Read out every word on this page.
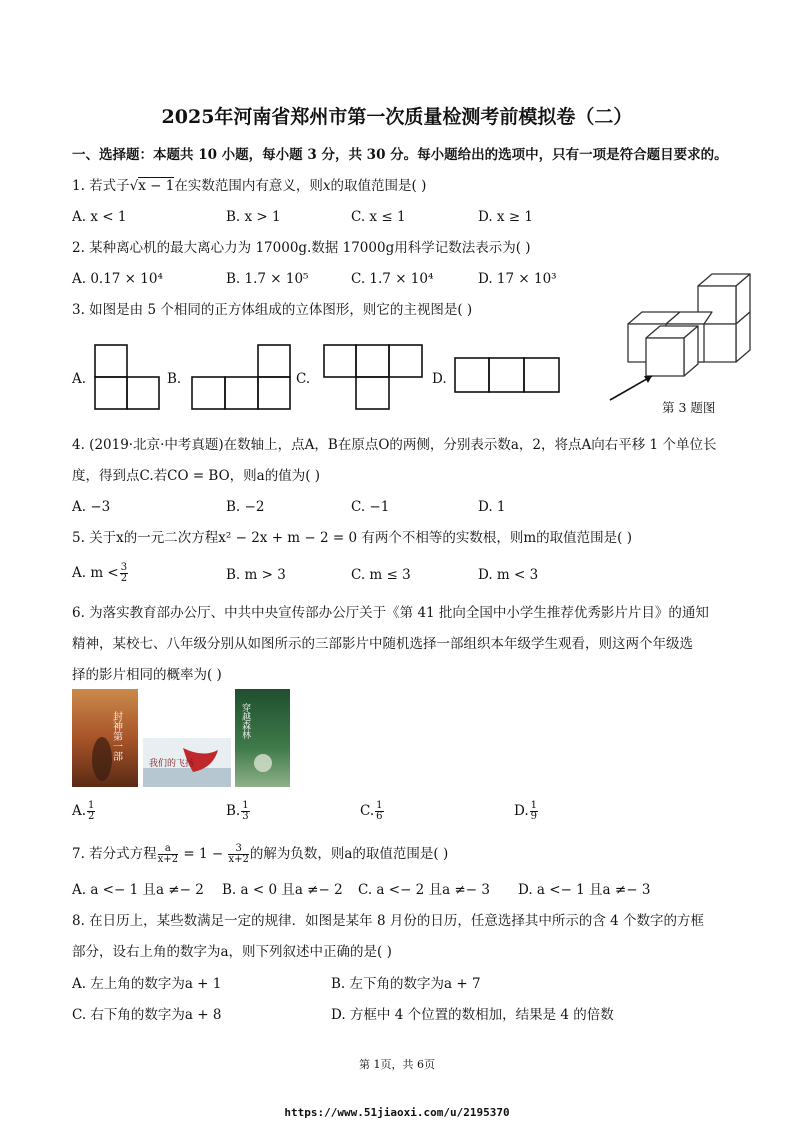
2025年河南省郑州市第一次质量检测考前模拟卷（二）
一、选择题：本题共 10 小题，每小题 3 分，共 30 分。每小题给出的选项中，只有一项是符合题目要求的。
1. 若式子√x − 1在实数范围内有意义，则x的取值范围是( )
A. x < 1	B. x > 1	C. x ≤ 1	D. x ≥ 1
2. 某种离心机的最大离心力为 17000g.数据 17000g用科学记数法表示为( )
A. 0.17 × 10⁴	B. 1.7 × 10⁵	C. 1.7 × 10⁴	D. 17 × 10³
3. 如图是由 5 个相同的正方体组成的立体图形，则它的主视图是( )
A.	B.	C.	D.
第 3 题图
4. (2019·北京·中考真题)在数轴上，点A，B在原点O的两侧，分别表示数a，2，将点A向右平移 1 个单位长
度，得到点C.若CO = BO，则a的值为( )
A. −3	B. −2	C. −1	D. 1
5. 关于x的一元二次方程x² − 2x + m − 2 = 0 有两个不相等的实数根，则m的取值范围是( )
A. $m < \frac{3}{2}$	B. m > 3	C. m ≤ 3	D. m < 3
6. 为落实教育部办公厅、中共中央宣传部办公厅关于《第 41 批向全国中小学生推荐优秀影片片目》的通知
精神，某校七、八年级分别从如图所示的三部影片中随机选择一部组织本年级学生观看，则这两个年级选
择的影片相同的概率为( )
封神第一部
我们的飞扬
穿越森林
A. $\frac{1}{2}$	B. $\frac{1}{3}$	C. $\frac{1}{6}$	D. $\frac{1}{9}$
7. 若分式方程 $\frac{a}{x+2} = 1 - \frac{3}{x+2}$ 的解为负数，则a的取值范围是( )
A. a <− 1 且a ≠− 2 B. a < 0 且a ≠− 2 C. a <− 2 且a ≠− 3 D. a <− 1 且a ≠− 3
8. 在日历上，某些数满足一定的规律．如图是某年 8 月份的日历，任意选择其中所示的含 4 个数字的方框
部分，设右上角的数字为a，则下列叙述中正确的是( )
A. 左上角的数字为a + 1	B. 左下角的数字为a + 7
C. 右下角的数字为a + 8	D. 方框中 4 个位置的数相加，结果是 4 的倍数
第 1页，共 6页
https://www.51jiaoxi.com/u/2195370
